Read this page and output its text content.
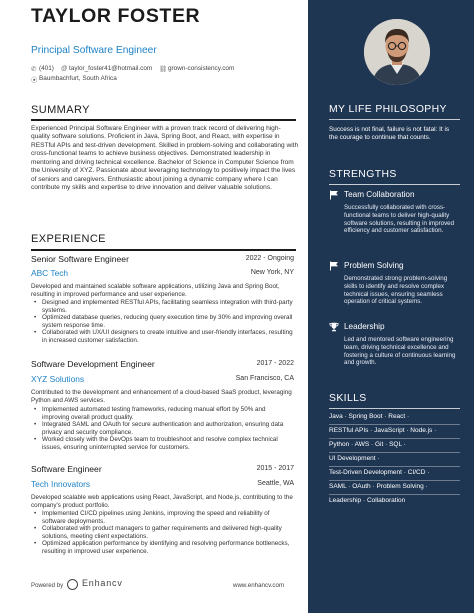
TAYLOR FOSTER
Principal Software Engineer
✆ (401) @ taylor_foster41@hotmail.com ⛓ grown-consistency.com
⦿ Baumbachfurt, South Africa
SUMMARY
Experienced Principal Software Engineer with a proven track record of delivering high-quality software solutions. Proficient in Java, Spring Boot, and React, with expertise in RESTful APIs and test-driven development. Skilled in problem-solving and collaborating with cross-functional teams to achieve business objectives. Demonstrated leadership in mentoring and driving technical excellence. Bachelor of Science in Computer Science from the University of XYZ. Passionate about leveraging technology to positively impact the lives of seniors and caregivers. Enthusiastic about joining a dynamic company where I can contribute my skills and expertise to drive innovation and deliver valuable solutions.
EXPERIENCE
Senior Software Engineer	2022 - Ongoing
ABC Tech	New York, NY
Developed and maintained scalable software applications, utilizing Java and Spring Boot, resulting in improved performance and user experience.
• Designed and implemented RESTful APIs, facilitating seamless integration with third-party systems.
• Optimized database queries, reducing query execution time by 30% and improving overall system response time.
• Collaborated with UX/UI designers to create intuitive and user-friendly interfaces, resulting in increased customer satisfaction.
Software Development Engineer	2017 - 2022
XYZ Solutions	San Francisco, CA
Contributed to the development and enhancement of a cloud-based SaaS product, leveraging Python and AWS services.
• Implemented automated testing frameworks, reducing manual effort by 50% and improving overall product quality.
• Integrated SAML and OAuth for secure authentication and authorization, ensuring data privacy and security compliance.
• Worked closely with the DevOps team to troubleshoot and resolve complex technical issues, ensuring uninterrupted service for customers.
Software Engineer	2015 - 2017
Tech Innovators	Seattle, WA
Developed scalable web applications using React, JavaScript, and Node.js, contributing to the company's product portfolio.
• Implemented CI/CD pipelines using Jenkins, improving the speed and reliability of software deployments.
• Collaborated with product managers to gather requirements and delivered high-quality solutions, meeting client expectations.
• Optimized application performance by identifying and resolving performance bottlenecks, resulting in improved user experience.
Powered by Enhancv	www.enhancv.com
MY LIFE PHILOSOPHY
Success is not final, failure is not fatal: It is the courage to continue that counts.
STRENGTHS
Team Collaboration
Successfully collaborated with cross-functional teams to deliver high-quality software solutions, resulting in improved efficiency and customer satisfaction.
Problem Solving
Demonstrated strong problem-solving skills to identify and resolve complex technical issues, ensuring seamless operation of critical systems.
Leadership
Led and mentored software engineering team, driving technical excellence and fostering a culture of continuous learning and growth.
SKILLS
Java · Spring Boot · React ·
RESTful APIs · JavaScript · Node.js ·
Python · AWS · Git · SQL ·
UI Development ·
Test-Driven Development · CI/CD ·
SAML · OAuth · Problem Solving ·
Leadership · Collaboration
